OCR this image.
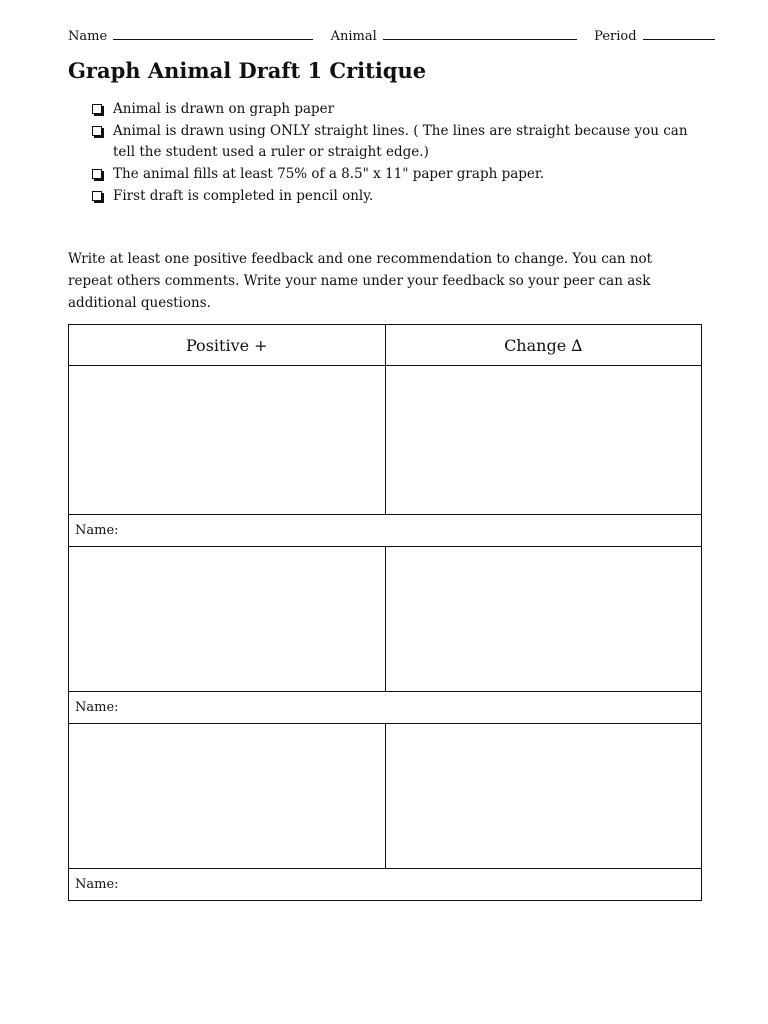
Name	Animal	Period
Graph Animal Draft 1 Critique
Animal is drawn on graph paper
Animal is drawn using ONLY straight lines. ( The lines are straight because you can tell the student used a ruler or straight edge.)
The animal fills at least 75% of a 8.5" x 11" paper graph paper.
First draft is completed in pencil only.

Write at least one positive feedback and one recommendation to change. You can not repeat others comments. Write your name under your feedback so your peer can ask additional questions.

Positive +	Change ∆

Name:	

Name:	

Name:	
